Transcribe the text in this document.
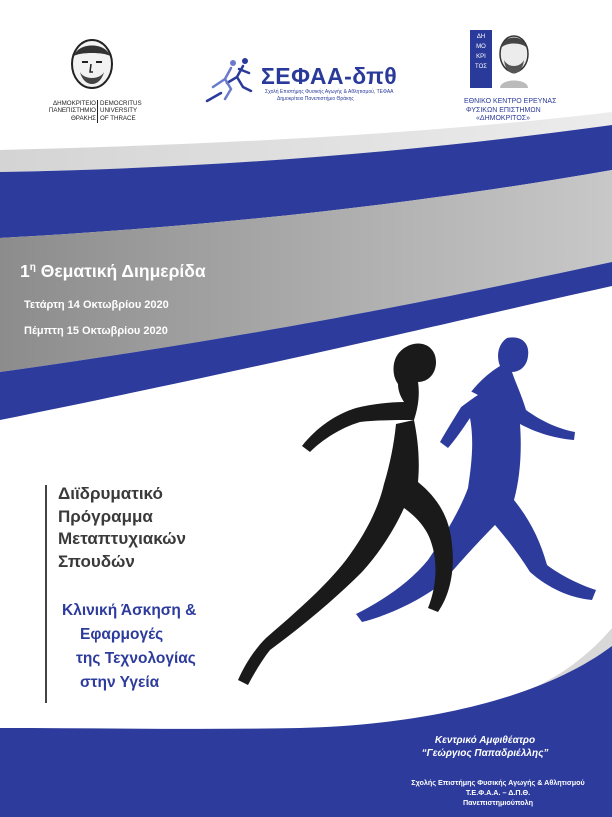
ΔΗΜΟΚΡΙΤΕΙΟ
ΠΑΝΕΠΙΣΤΗΜΙΟ
ΘΡΑΚΗΣ
DEMOCRITUS
UNIVERSITY
OF THRACE
ΣΕΦΑΑ-δπθ
Σχολή Επιστήμης Φυσικής Αγωγής & Αθλητισμού, ΤΕΦΑΑ
Δημοκρίτειο Πανεπιστήμιο Θράκης
ΔΗ
ΜΟ
ΚΡΙ
ΤΟΣ
ΕΘΝΙΚΟ ΚΕΝΤΡΟ ΕΡΕΥΝΑΣ
ΦΥΣΙΚΩΝ ΕΠΙΣΤΗΜΩΝ
«ΔΗΜΟΚΡΙΤΟΣ»
$1^\eta$ Θεματική Διημερίδα
Τετάρτη 14 Οκτωβρίου 2020
Πέμπτη 15 Οκτωβρίου 2020
Διϊδρυματικό
Πρόγραμμα
Μεταπτυχιακών
Σπουδών
Κλινική Άσκηση &
Εφαρμογές
της Τεχνολογίας
στην Υγεία
Κεντρικό Αμφιθέατρο
“Γεώργιος Παπαδριέλλης”
Σχολής Επιστήμης Φυσικής Αγωγής & Αθλητισμού
Τ.Ε.Φ.Α.Α. – Δ.Π.Θ.
Πανεπιστημιούπολη
